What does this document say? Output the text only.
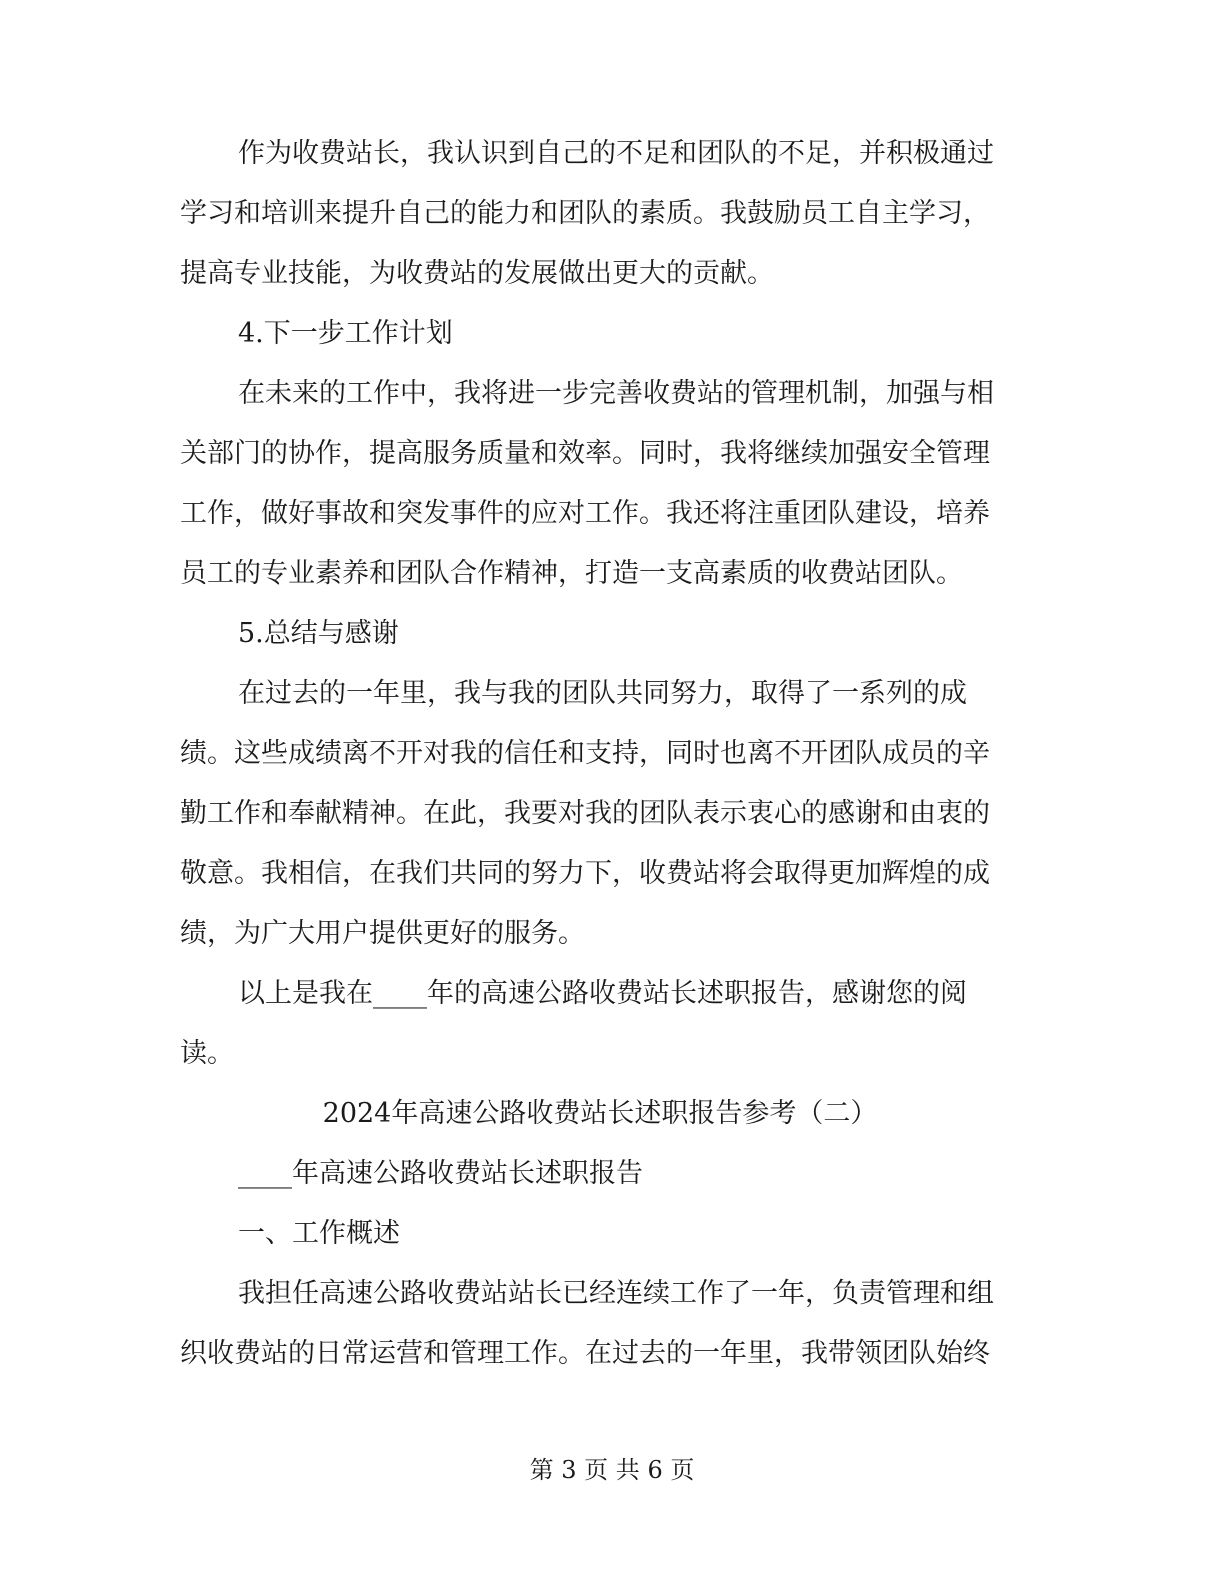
作为收费站长，我认识到自己的不足和团队的不足，并积极通过
学习和培训来提升自己的能力和团队的素质。我鼓励员工自主学习，
提高专业技能，为收费站的发展做出更大的贡献。
4.下一步工作计划
在未来的工作中，我将进一步完善收费站的管理机制，加强与相
关部门的协作，提高服务质量和效率。同时，我将继续加强安全管理
工作，做好事故和突发事件的应对工作。我还将注重团队建设，培养
员工的专业素养和团队合作精神，打造一支高素质的收费站团队。
5.总结与感谢
在过去的一年里，我与我的团队共同努力，取得了一系列的成
绩。这些成绩离不开对我的信任和支持，同时也离不开团队成员的辛
勤工作和奉献精神。在此，我要对我的团队表示衷心的感谢和由衷的
敬意。我相信，在我们共同的努力下，收费站将会取得更加辉煌的成
绩，为广大用户提供更好的服务。
以上是我在____年的高速公路收费站长述职报告，感谢您的阅
读。
2024年高速公路收费站长述职报告参考（二）
____年高速公路收费站长述职报告
一、工作概述
我担任高速公路收费站站长已经连续工作了一年，负责管理和组
织收费站的日常运营和管理工作。在过去的一年里，我带领团队始终
第 3 页 共 6 页
